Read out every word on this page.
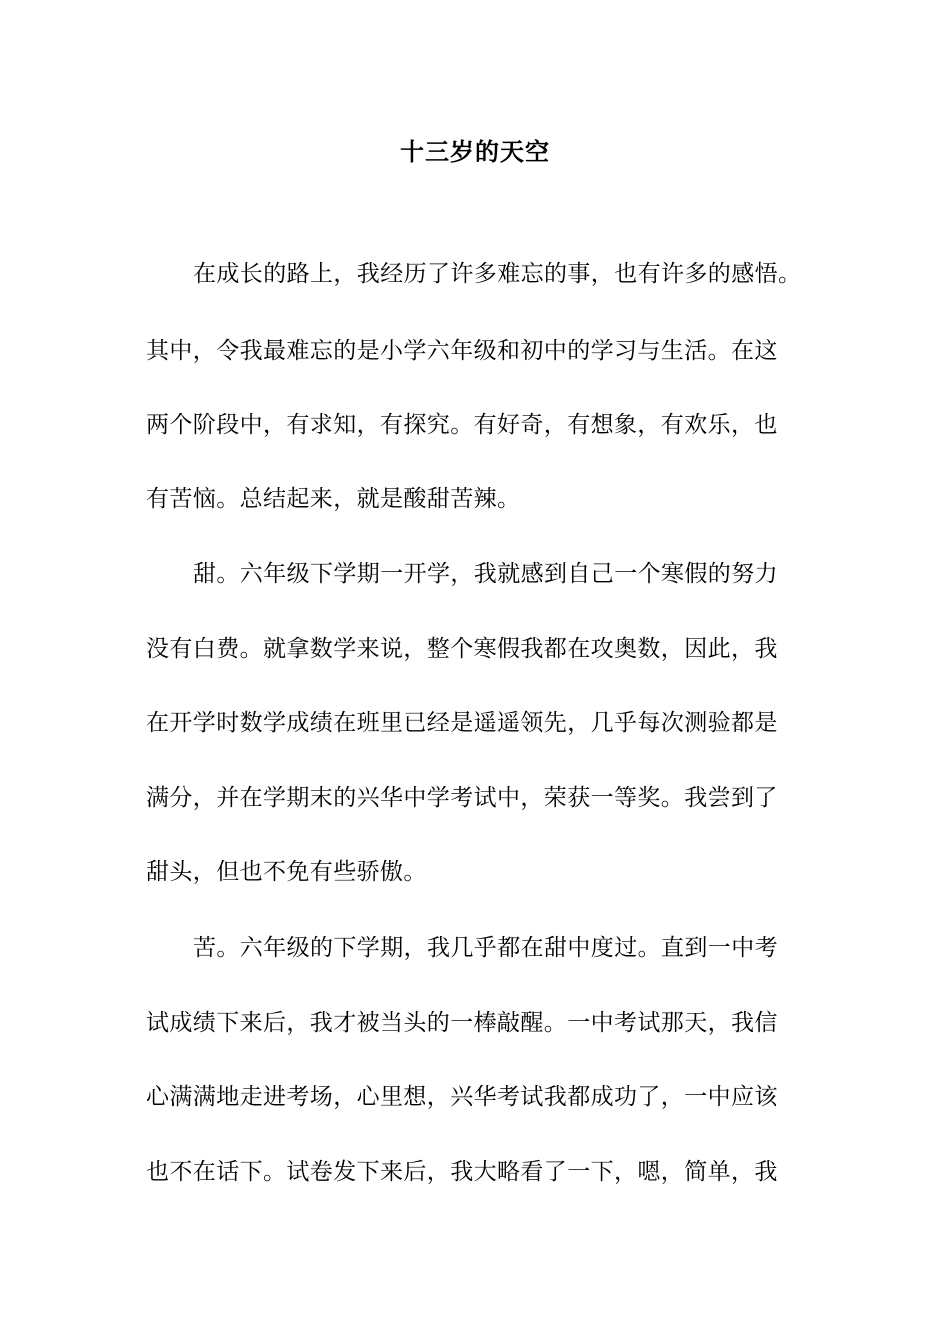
十三岁的天空
在成长的路上，我经历了许多难忘的事，也有许多的感悟。
其中，令我最难忘的是小学六年级和初中的学习与生活。在这
两个阶段中，有求知，有探究。有好奇，有想象，有欢乐，也
有苦恼。总结起来，就是酸甜苦辣。
甜。六年级下学期一开学，我就感到自己一个寒假的努力
没有白费。就拿数学来说，整个寒假我都在攻奥数，因此，我
在开学时数学成绩在班里已经是遥遥领先，几乎每次测验都是
满分，并在学期末的兴华中学考试中，荣获一等奖。我尝到了
甜头，但也不免有些骄傲。
苦。六年级的下学期，我几乎都在甜中度过。直到一中考
试成绩下来后，我才被当头的一棒敲醒。一中考试那天，我信
心满满地走进考场，心里想，兴华考试我都成功了，一中应该
也不在话下。试卷发下来后，我大略看了一下，嗯，简单，我
